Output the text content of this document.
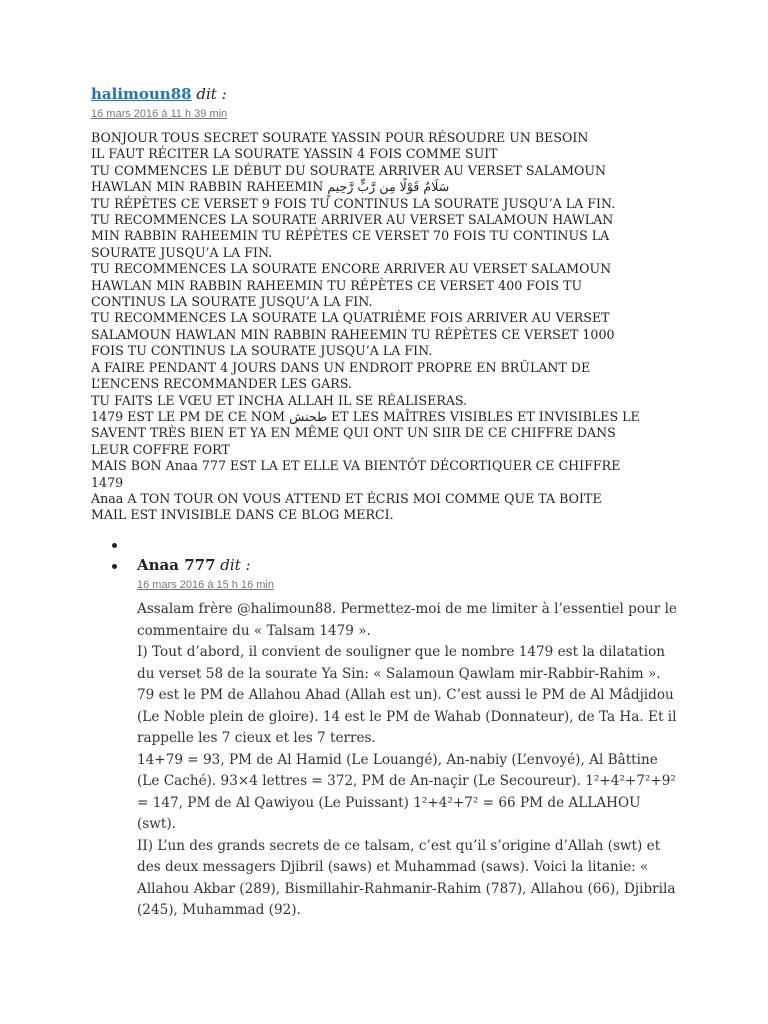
halimoun88 dit :
16 mars 2016 à 11 h 39 min

BONJOUR TOUS SECRET SOURATE YASSIN POUR RÉSOUDRE UN BESOIN

IL FAUT RÉCITER LA SOURATE YASSIN 4 FOIS COMME SUIT

TU COMMENCES LE DÉBUT DU SOURATE ARRIVER AU VERSET SALAMOUN

HAWLAN MIN RABBIN RAHEEMIN سَلَامٌ قَوْلًا مِن رَّبٍّ رَّحِيمٍ

TU RÉPÈTES CE VERSET 9 FOIS TU CONTINUS LA SOURATE JUSQU’A LA FIN.

TU RECOMMENCES LA SOURATE ARRIVER AU VERSET SALAMOUN HAWLAN

MIN RABBIN RAHEEMIN TU RÉPÈTES CE VERSET 70 FOIS TU CONTINUS LA

SOURATE JUSQU’A LA FIN.

TU RECOMMENCES LA SOURATE ENCORE ARRIVER AU VERSET SALAMOUN

HAWLAN MIN RABBIN RAHEEMIN TU RÉPÈTES CE VERSET 400 FOIS TU

CONTINUS LA SOURATE JUSQU’A LA FIN.

TU RECOMMENCES LA SOURATE LA QUATRIÈME FOIS ARRIVER AU VERSET

SALAMOUN HAWLAN MIN RABBIN RAHEEMIN TU RÉPÈTES CE VERSET 1000

FOIS TU CONTINUS LA SOURATE JUSQU’A LA FIN.

A FAIRE PENDANT 4 JOURS DANS UN ENDROIT PROPRE EN BRÛLANT DE

L’ENCENS RECOMMANDER LES GARS.

TU FAITS LE VŒU ET INCHA ALLAH IL SE RÉALISERAS.

1479 EST LE PM DE CE NOM طحنش ET LES MAÎTRES VISIBLES ET INVISIBLES LE

SAVENT TRÈS BIEN ET YA EN MÊME QUI ONT UN SIIR DE CE CHIFFRE DANS

LEUR COFFRE FORT

MAIS BON Anaa 777 EST LA ET ELLE VA BIENTÔT DÉCORTIQUER CE CHIFFRE

1479

Anaa A TON TOUR ON VOUS ATTEND ET ÉCRIS MOI COMME QUE TA BOITE

MAIL EST INVISIBLE DANS CE BLOG MERCI.

Anaa 777 dit :
16 mars 2016 à 15 h 16 min

Assalam frère @halimoun88. Permettez-moi de me limiter à l’essentiel pour le commentaire du « Talsam 1479 ».

I) Tout d’abord, il convient de souligner que le nombre 1479 est la dilatation du verset 58 de la sourate Ya Sin: « Salamoun Qawlam mir-Rabbir-Rahim ». 79 est le PM de Allahou Ahad (Allah est un). C’est aussi le PM de Al Mâdjidou (Le Noble plein de gloire). 14 est le PM de Wahab (Donnateur), de Ta Ha. Et il rappelle les 7 cieux et les 7 terres.

14+79 = 93, PM de Al Hamid (Le Louangé), An-nabiy (L’envoyé), Al Bâttine (Le Caché). 93×4 lettres = 372, PM de An-naçir (Le Secoureur). 1²+4²+7²+9² = 147, PM de Al Qawiyou (Le Puissant) 1²+4²+7² = 66 PM de ALLAHOU (swt).

II) L’un des grands secrets de ce talsam, c’est qu’il s’origine d’Allah (swt) et des deux messagers Djibril (saws) et Muhammad (saws). Voici la litanie: « Allahou Akbar (289), Bismillahir-Rahmanir-Rahim (787), Allahou (66), Djibrila (245), Muhammad (92).
